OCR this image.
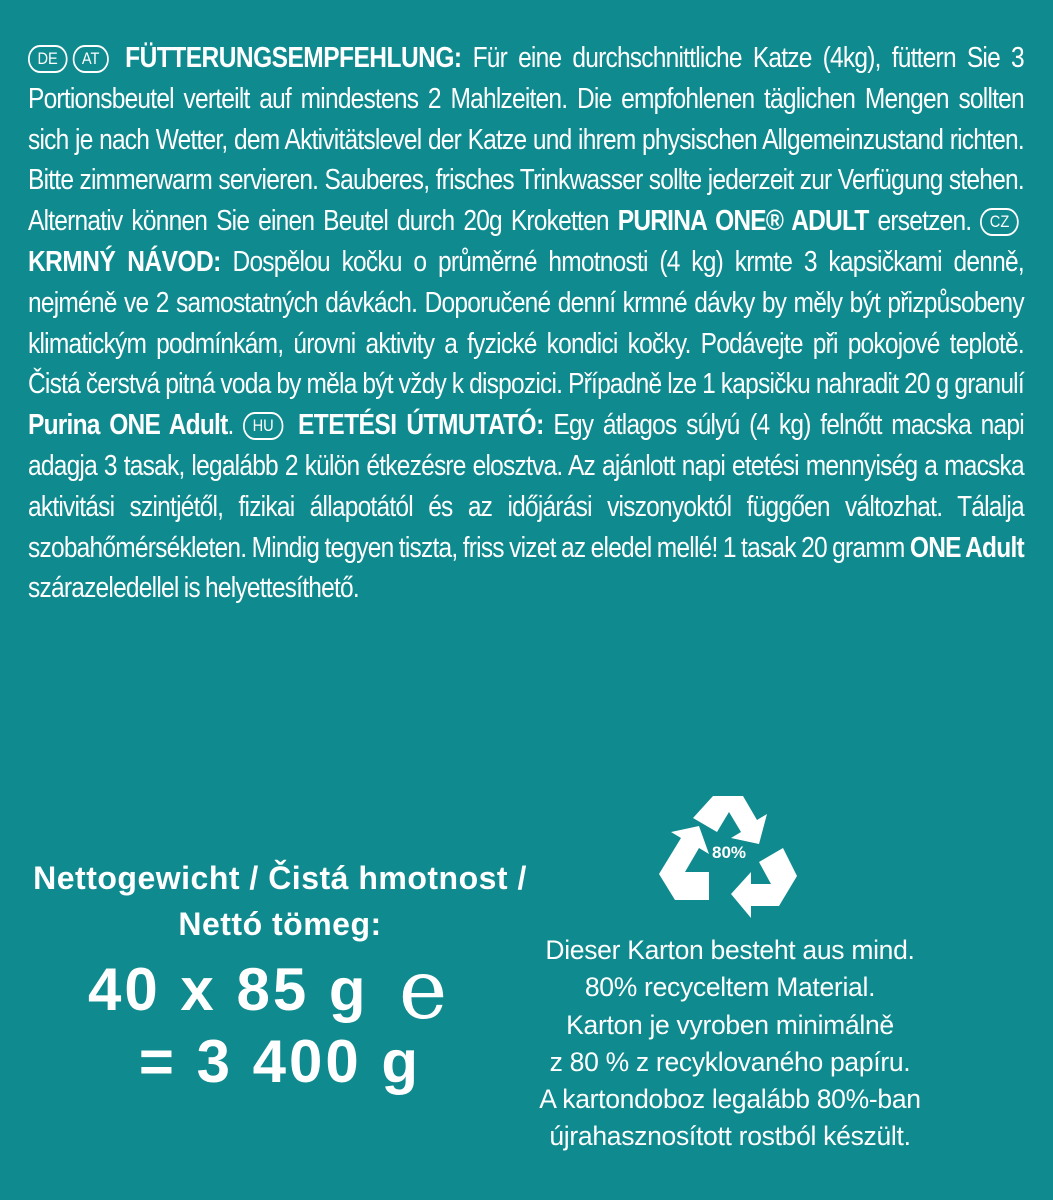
DE AT FÜTTERUNGSEMPFEHLUNG: Für eine durchschnittliche Katze (4kg), füttern Sie 3 Portionsbeutel verteilt auf mindestens 2 Mahlzeiten. Die empfohlenen täglichen Mengen sollten sich je nach Wetter, dem Aktivitätslevel der Katze und ihrem physischen Allgemeinzustand richten. Bitte zimmerwarm servieren. Sauberes, frisches Trinkwasser sollte jederzeit zur Verfügung stehen. Alternativ können Sie einen Beutel durch 20g Kroketten PURINA ONE® ADULT ersetzen. CZ KRMNÝ NÁVOD: Dospělou kočku o průměrné hmotnosti (4 kg) krmte 3 kapsičkami denně, nejméně ve 2 samostatných dávkách. Doporučené denní krmné dávky by měly být přizpůsobeny klimatickým podmínkám, úrovni aktivity a fyzické kondici kočky. Podávejte při pokojové teplotě. Čistá čerstvá pitná voda by měla být vždy k dispozici. Případně lze 1 kapsičku nahradit 20 g granulí Purina ONE Adult. HU ETETÉSI ÚTMUTATÓ: Egy átlagos súlyú (4 kg) felnőtt macska napi adagja 3 tasak, legalább 2 külön étkezésre elosztva. Az ajánlott napi etetési mennyiség a macska aktivitási szintjétől, fizikai állapotától és az időjárási viszonyoktól függően változhat. Tálalja szobahőmérsékleten. Mindig tegyen tiszta, friss vizet az eledel mellé! 1 tasak 20 gramm ONE Adult szárazeledellel is helyettesíthető.
Nettogewicht / Čistá hmotnost /
Nettó tömeg:
40 x 85 g
= 3 400 g
e
80%
Dieser Karton besteht aus mind.
80% recyceltem Material.
Karton je vyroben minimálně
z 80 % z recyklovaného papíru.
A kartondoboz legalább 80%-ban
újrahasznosított rostból készült.
